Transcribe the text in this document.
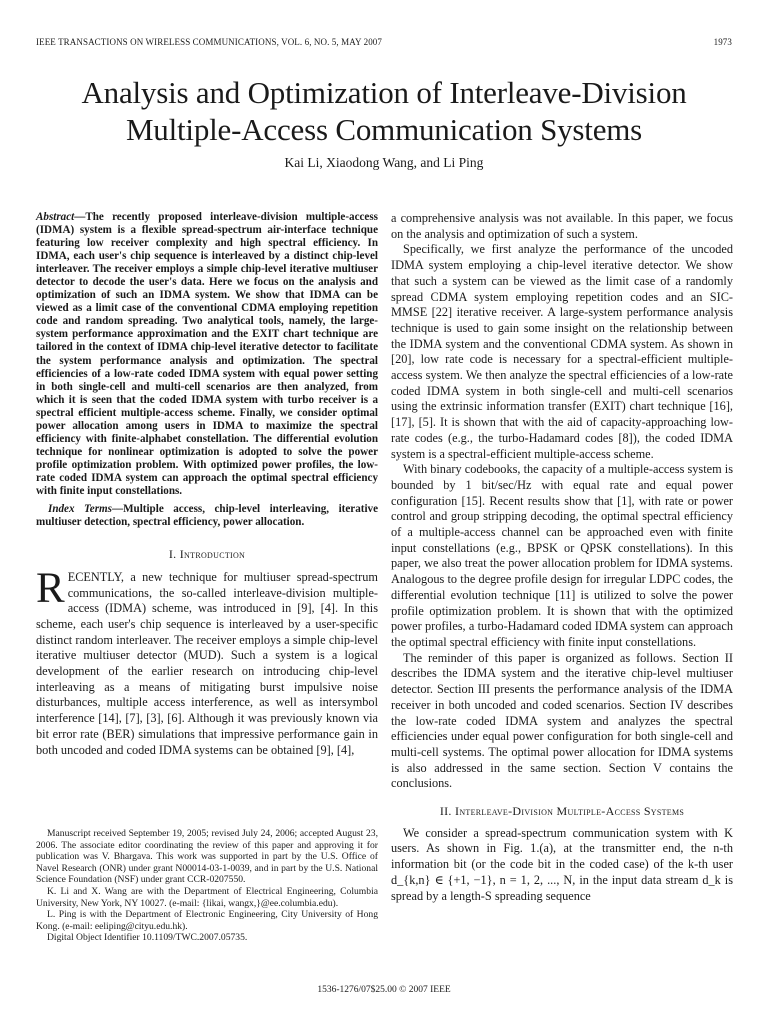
IEEE TRANSACTIONS ON WIRELESS COMMUNICATIONS, VOL. 6, NO. 5, MAY 2007	1973
Analysis and Optimization of Interleave-Division
Multiple-Access Communication Systems
Kai Li, Xiaodong Wang, and Li Ping
Abstract—The recently proposed interleave-division multiple-access (IDMA) system is a flexible spread-spectrum air-interface technique featuring low receiver complexity and high spectral efficiency. In IDMA, each user's chip sequence is interleaved by a distinct chip-level interleaver. The receiver employs a simple chip-level iterative multiuser detector to decode the user's data. Here we focus on the analysis and optimization of such an IDMA system. We show that IDMA can be viewed as a limit case of the conventional CDMA employing repetition code and random spreading. Two analytical tools, namely, the large-system performance approximation and the EXIT chart technique are tailored in the context of IDMA chip-level iterative detector to facilitate the system performance analysis and optimization. The spectral efficiencies of a low-rate coded IDMA system with equal power setting in both single-cell and multi-cell scenarios are then analyzed, from which it is seen that the coded IDMA system with turbo receiver is a spectral efficient multiple-access scheme. Finally, we consider optimal power allocation among users in IDMA to maximize the spectral efficiency with finite-alphabet constellation. The differential evolution technique for nonlinear optimization is adopted to solve the power profile optimization problem. With optimized power profiles, the low-rate coded IDMA system can approach the optimal spectral efficiency with finite input constellations.
Index Terms—Multiple access, chip-level interleaving, iterative multiuser detection, spectral efficiency, power allocation.
I. Introduction
RECENTLY, a new technique for multiuser spread-spectrum communications, the so-called interleave-division multiple-access (IDMA) scheme, was introduced in [9], [4]. In this scheme, each user's chip sequence is interleaved by a user-specific distinct random interleaver. The receiver employs a simple chip-level iterative multiuser detector (MUD). Such a system is a logical development of the earlier research on introducing chip-level interleaving as a means of mitigating burst impulsive noise disturbances, multiple access interference, as well as intersymbol interference [14], [7], [3], [6]. Although it was previously known via bit error rate (BER) simulations that impressive performance gain in both uncoded and coded IDMA systems can be obtained [9], [4],

Manuscript received September 19, 2005; revised July 24, 2006; accepted August 23, 2006. The associate editor coordinating the review of this paper and approving it for publication was V. Bhargava. This work was supported in part by the U.S. Office of Navel Research (ONR) under grant N00014-03-1-0039, and in part by the U.S. National Science Foundation (NSF) under grant CCR-0207550.

K. Li and X. Wang are with the Department of Electrical Engineering, Columbia University, New York, NY 10027. (e-mail: {likai, wangx,}@ee.columbia.edu).

L. Ping is with the Department of Electronic Engineering, City University of Hong Kong. (e-mail: eeliping@cityu.edu.hk).

Digital Object Identifier 10.1109/TWC.2007.05735.

a comprehensive analysis was not available. In this paper, we focus on the analysis and optimization of such a system.

Specifically, we first analyze the performance of the uncoded IDMA system employing a chip-level iterative detector. We show that such a system can be viewed as the limit case of a randomly spread CDMA system employing repetition codes and an SIC-MMSE [22] iterative receiver. A large-system performance analysis technique is used to gain some insight on the relationship between the IDMA system and the conventional CDMA system. As shown in [20], low rate code is necessary for a spectral-efficient multiple-access system. We then analyze the spectral efficiencies of a low-rate coded IDMA system in both single-cell and multi-cell scenarios using the extrinsic information transfer (EXIT) chart technique [16], [17], [5]. It is shown that with the aid of capacity-approaching low-rate codes (e.g., the turbo-Hadamard codes [8]), the coded IDMA system is a spectral-efficient multiple-access scheme.

With binary codebooks, the capacity of a multiple-access system is bounded by 1 bit/sec/Hz with equal rate and equal power configuration [15]. Recent results show that [1], with rate or power control and group stripping decoding, the optimal spectral efficiency of a multiple-access channel can be approached even with finite input constellations (e.g., BPSK or QPSK constellations). In this paper, we also treat the power allocation problem for IDMA systems. Analogous to the degree profile design for irregular LDPC codes, the differential evolution technique [11] is utilized to solve the power profile optimization problem. It is shown that with the optimized power profiles, a turbo-Hadamard coded IDMA system can approach the optimal spectral efficiency with finite input constellations.

The reminder of this paper is organized as follows. Section II describes the IDMA system and the iterative chip-level multiuser detector. Section III presents the performance analysis of the IDMA receiver in both uncoded and coded scenarios. Section IV describes the low-rate coded IDMA system and analyzes the spectral efficiencies under equal power configuration for both single-cell and multi-cell systems. The optimal power allocation for IDMA systems is also addressed in the same section. Section V contains the conclusions.

II. Interleave-Division Multiple-Access Systems

We consider a spread-spectrum communication system with K users. As shown in Fig. 1.(a), at the transmitter end, the n-th information bit (or the code bit in the coded case) of the k-th user d_{k,n} ∈ {+1, −1}, n = 1, 2, ..., N, in the input data stream d_k is spread by a length-S spreading sequence

1536-1276/07$25.00 © 2007 IEEE
